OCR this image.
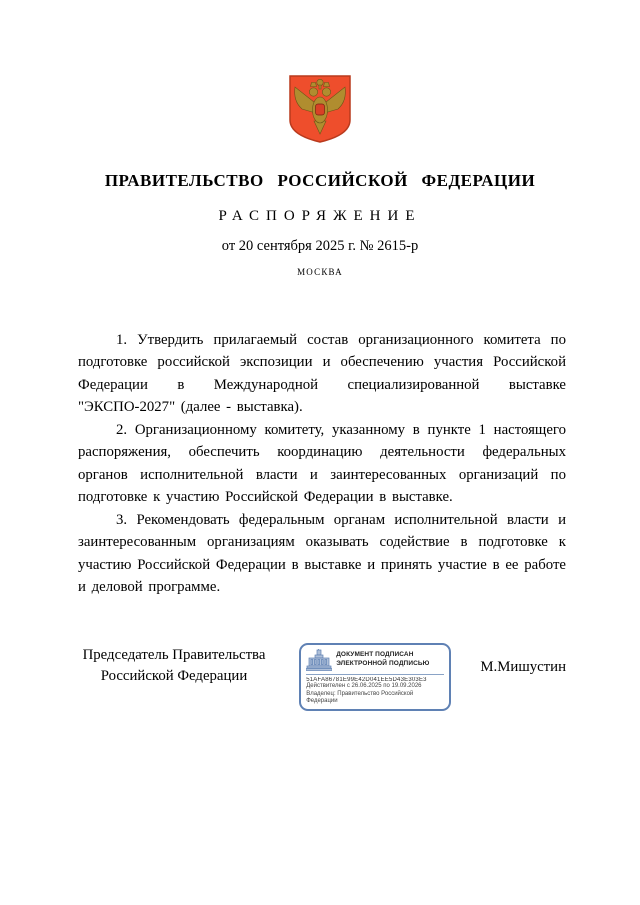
ПРАВИТЕЛЬСТВО РОССИЙСКОЙ ФЕДЕРАЦИИ
РАСПОРЯЖЕНИЕ
от 20 сентября 2025 г. № 2615-р
МОСКВА

1. Утвердить прилагаемый состав организационного комитета по подготовке российской экспозиции и обеспечению участия Российской Федерации в Международной специализированной выставке "ЭКСПО-2027" (далее - выставка).

2. Организационному комитету, указанному в пункте 1 настоящего распоряжения, обеспечить координацию деятельности федеральных органов исполнительной власти и заинтересованных организаций по подготовке к участию Российской Федерации в выставке.

3. Рекомендовать федеральным органам исполнительной власти и заинтересованным организациям оказывать содействие в подготовке к участию Российской Федерации в выставке и принять участие в ее работе и деловой программе.

Председатель Правительства
Российской Федерации
ДОКУМЕНТ ПОДПИСАН
ЭЛЕКТРОННОЙ ПОДПИСЬЮ
51AFA86781E99E42D041EE5D43E303E3
Действителен с 26.06.2025 по 19.09.2026
Владелец: Правительство Российской Федерации
М.Мишустин
